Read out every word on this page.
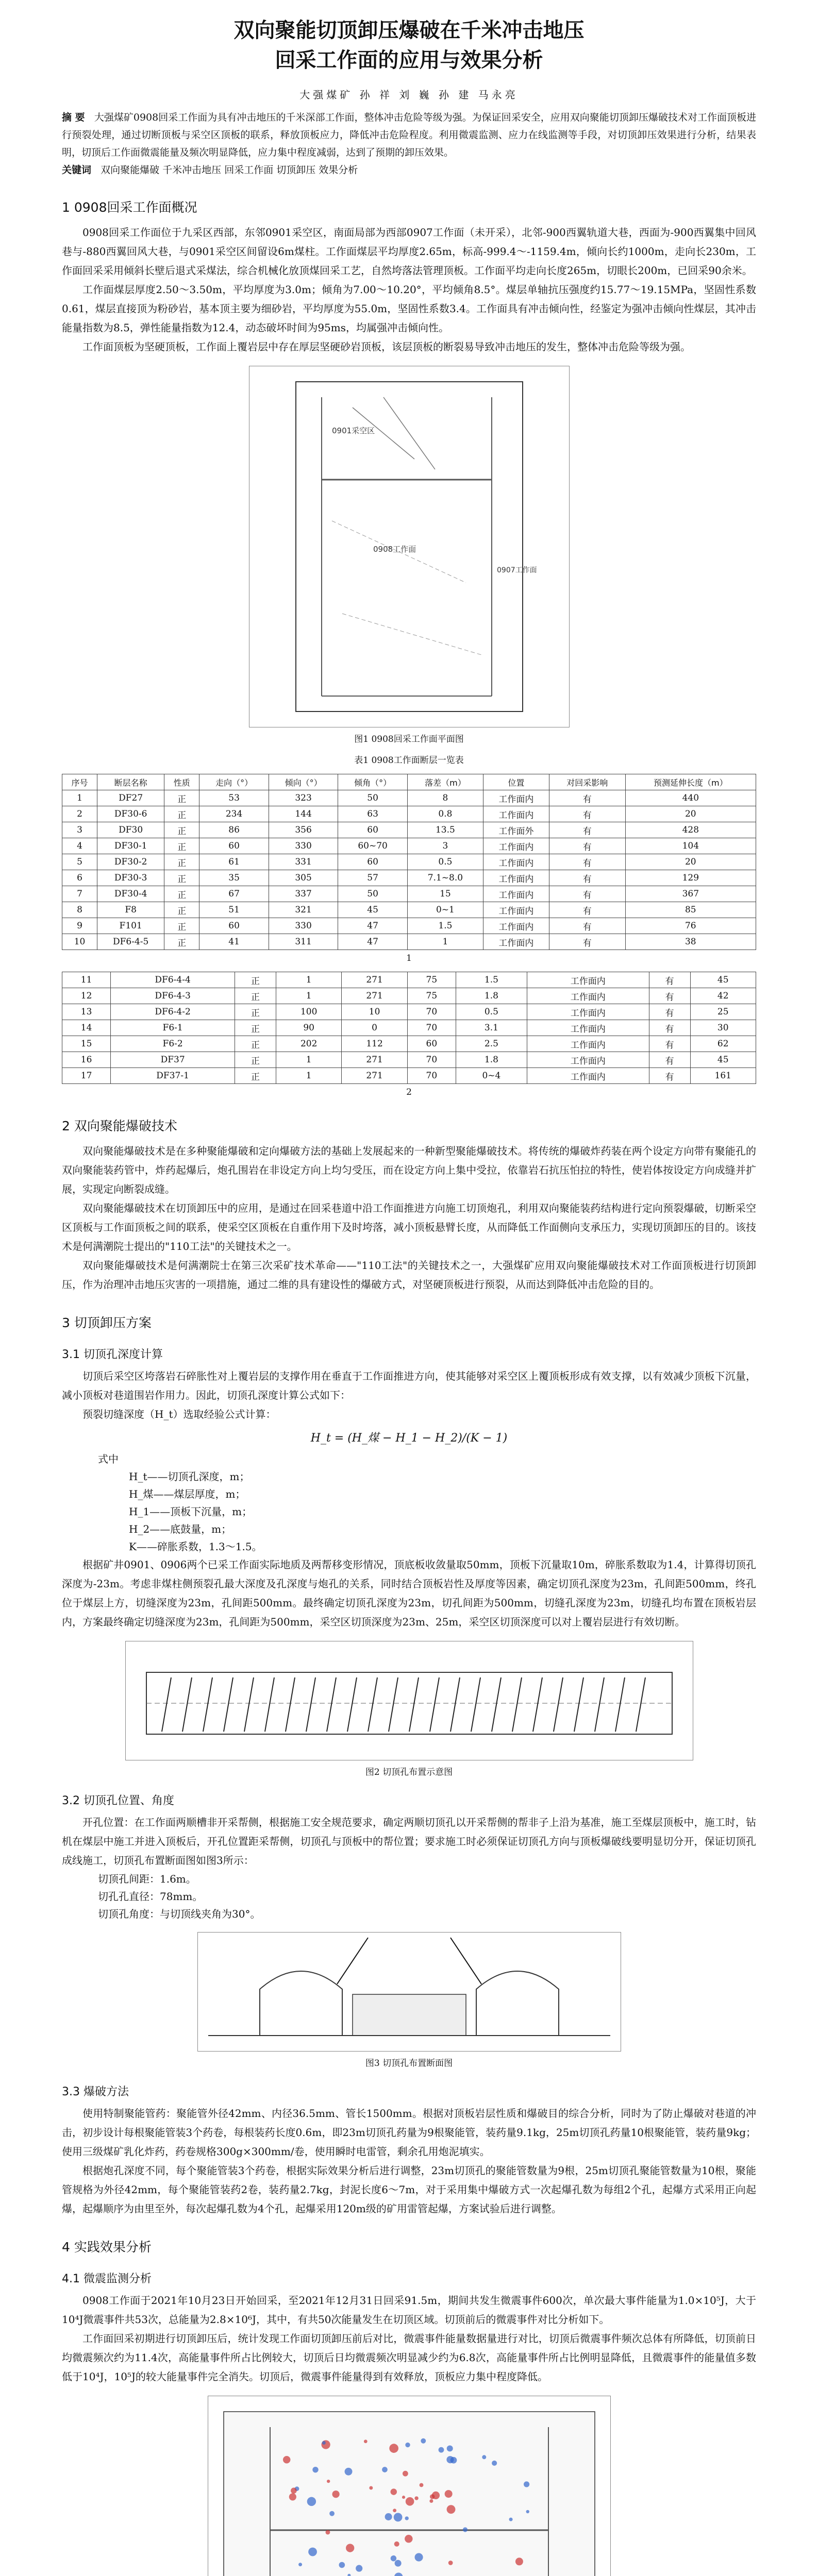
双向聚能切顶卸压爆破在千米冲击地压
回采工作面的应用与效果分析
大强煤矿 孙 祥 刘 巍 孙 建 马永亮

摘 要 大强煤矿0908回采工作面为具有冲击地压的千米深部工作面，整体冲击危险等级为强。为保证回采安全，应用双向聚能切顶卸压爆破技术对工作面顶板进行预裂处理，通过切断顶板与采空区顶板的联系，释放顶板应力，降低冲击危险程度。利用微震监测、应力在线监测等手段，对切顶卸压效果进行分析，结果表明，切顶后工作面微震能量及频次明显降低，应力集中程度减弱，达到了预期的卸压效果。

关键词 双向聚能爆破 千米冲击地压 回采工作面 切顶卸压 效果分析

1 0908回采工作面概况

0908回采工作面位于九采区西部，东邻0901采空区，南面局部为西部0907工作面（未开采），北邻-900西翼轨道大巷，西面为-900西翼集中回风巷与-880西翼回风大巷，与0901采空区间留设6m煤柱。工作面煤层平均厚度2.65m，标高-999.4～-1159.4m，倾向长约1000m，走向长230m，工作面回采采用倾斜长壁后退式采煤法，综合机械化放顶煤回采工艺，自然垮落法管理顶板。工作面平均走向长度265m，切眼长200m，已回采90余米。

工作面煤层厚度2.50～3.50m，平均厚度为3.0m；倾角为7.00～10.20°，平均倾角8.5°。煤层单轴抗压强度约15.77～19.15MPa，坚固性系数0.61，煤层直接顶为粉砂岩，基本顶主要为细砂岩，平均厚度为55.0m，坚固性系数3.4。工作面具有冲击倾向性，经鉴定为强冲击倾向性煤层，其冲击能量指数为8.5，弹性能量指数为12.4，动态破坏时间为95ms，均属强冲击倾向性。

工作面顶板为坚硬顶板，工作面上覆岩层中存在厚层坚硬砂岩顶板，该层顶板的断裂易导致冲击地压的发生，整体冲击危险等级为强。

0901采空区
0908工作面
0907工作面
图1 0908回采工作面平面图
表1 0908工作面断层一览表
序号	断层名称	性质	走向（°）	倾向（°）	倾角（°）	落差（m）	位置	对回采影响	预测延伸长度（m）
1	DF27	正	53	323	50	8	工作面内	有	440
2	DF30-6	正	234	144	63	0.8	工作面内	有	20
3	DF30	正	86	356	60	13.5	工作面外	有	428
4	DF30-1	正	60	330	60~70	3	工作面内	有	104
5	DF30-2	正	61	331	60	0.5	工作面内	有	20
6	DF30-3	正	35	305	57	7.1~8.0	工作面内	有	129
7	DF30-4	正	67	337	50	15	工作面内	有	367
8	F8	正	51	321	45	0~1	工作面内	有	85
9	F101	正	60	330	47	1.5	工作面内	有	76
10	DF6-4-5	正	41	311	47	1	工作面内	有	38
1
11	DF6-4-4	正	1	271	75	1.5	工作面内	有	45
12	DF6-4-3	正	1	271	75	1.8	工作面内	有	42
13	DF6-4-2	正	100	10	70	0.5	工作面内	有	25
14	F6-1	正	90	0	70	3.1	工作面内	有	30
15	F6-2	正	202	112	60	2.5	工作面内	有	62
16	DF37	正	1	271	70	1.8	工作面内	有	45
17	DF37-1	正	1	271	70	0~4	工作面内	有	161
2
2 双向聚能爆破技术

双向聚能爆破技术是在多种聚能爆破和定向爆破方法的基础上发展起来的一种新型聚能爆破技术。将传统的爆破炸药装在两个设定方向带有聚能孔的双向聚能装药管中，炸药起爆后，炮孔围岩在非设定方向上均匀受压，而在设定方向上集中受拉，依靠岩石抗压怕拉的特性，使岩体按设定方向成缝并扩展，实现定向断裂成缝。

双向聚能爆破技术在切顶卸压中的应用，是通过在回采巷道中沿工作面推进方向施工切顶炮孔，利用双向聚能装药结构进行定向预裂爆破，切断采空区顶板与工作面顶板之间的联系，使采空区顶板在自重作用下及时垮落，减小顶板悬臂长度，从而降低工作面侧向支承压力，实现切顶卸压的目的。该技术是何满潮院士提出的"110工法"的关键技术之一。

双向聚能爆破技术是何满潮院士在第三次采矿技术革命——"110工法"的关键技术之一，大强煤矿应用双向聚能爆破技术对工作面顶板进行切顶卸压，作为治理冲击地压灾害的一项措施，通过二维的具有建设性的爆破方式，对坚硬顶板进行预裂，从而达到降低冲击危险的目的。

3 切顶卸压方案
3.1 切顶孔深度计算

切顶后采空区垮落岩石碎胀性对上覆岩层的支撑作用在垂直于工作面推进方向，使其能够对采空区上覆顶板形成有效支撑，以有效减少顶板下沉量，减小顶板对巷道围岩作用力。因此，切顶孔深度计算公式如下：

预裂切缝深度（H_t）选取经验公式计算：

H_t = (H_煤 − H_1 − H_2)/(K − 1)

式中

H_t——切顶孔深度，m；

H_煤——煤层厚度，m；

H_1——顶板下沉量，m；

H_2——底鼓量，m；

K——碎胀系数，1.3～1.5。

根据矿井0901、0906两个已采工作面实际地质及两帮移变形情况，顶底板收敛量取50mm，顶板下沉量取10m，碎胀系数取为1.4，计算得切顶孔深度为-23m。考虑非煤柱侧预裂孔最大深度及孔深度与炮孔的关系，同时结合顶板岩性及厚度等因素，确定切顶孔深度为23m，孔间距500mm，终孔位于煤层上方，切缝深度为23m，孔间距500mm。最终确定切顶孔深度为23m，切孔间距为500mm，切缝孔深度为23m，切缝孔均布置在顶板岩层内，方案最终确定切缝深度为23m，孔间距为500mm，采空区切顶深度为23m、25m，采空区切顶深度可以对上覆岩层进行有效切断。

图2 切顶孔布置示意图
3.2 切顶孔位置、角度

开孔位置：在工作面两顺槽非开采帮侧，根据施工安全规范要求，确定两顺切顶孔以开采帮侧的帮非子上沿为基准，施工至煤层顶板中，施工时，钻机在煤层中施工并进入顶板后，开孔位置距采帮侧，切顶孔与顶板中的帮位置；要求施工时必须保证切顶孔方向与顶板爆破线要明显切分开，保证切顶孔成线施工，切顶孔布置断面图如图3所示：

切顶孔间距：1.6m。

切孔孔直径：78mm。

切顶孔角度：与切顶线夹角为30°。

图3 切顶孔布置断面图
3.3 爆破方法

使用特制聚能管药：聚能管外径42mm、内径36.5mm、管长1500mm。根据对顶板岩层性质和爆破目的综合分析，同时为了防止爆破对巷道的冲击，初步设计每根聚能管装3个药卷，每根装药长度0.6m，即23m切顶孔药量为9根聚能管，装药量9.1kg，25m切顶孔药量10根聚能管，装药量9kg；使用三级煤矿乳化炸药，药卷规格300g×300mm/卷，使用瞬时电雷管，剩余孔用炮泥填实。

根据炮孔深度不同，每个聚能管装3个药卷，根据实际效果分析后进行调整，23m切顶孔的聚能管数量为9根，25m切顶孔聚能管数量为10根，聚能管规格为外径42mm，每个聚能管装药2卷，装药量2.7kg，封泥长度6～7m，对于采用集中爆破方式一次起爆孔数为每组2个孔，起爆方式采用正向起爆，起爆顺序为由里至外，每次起爆孔数为4个孔，起爆采用120m级的矿用雷管起爆，方案试验后进行调整。

4 实践效果分析
4.1 微震监测分析

0908工作面于2021年10月23日开始回采，至2021年12月31日回采91.5m，期间共发生微震事件600次，单次最大事件能量为1.0×10⁵J，大于10⁴J微震事件共53次，总能量为2.8×10⁶J，其中，有共50次能量发生在切顶区域。切顶前后的微震事件对比分析如下。

工作面回采初期进行切顶卸压后，统计发现工作面切顶卸压前后对比，微震事件能量数据量进行对比，切顶后微震事件频次总体有所降低，切顶前日均微震频次约为11.4次，高能量事件所占比例较大，切顶后日均微震频次明显减少约为6.8次，高能量事件所占比例明显降低，且微震事件的能量值多数低于10⁴J，10⁵J的较大能量事件完全消失。切顶后，微震事件能量得到有效释放，顶板应力集中程度降低。
